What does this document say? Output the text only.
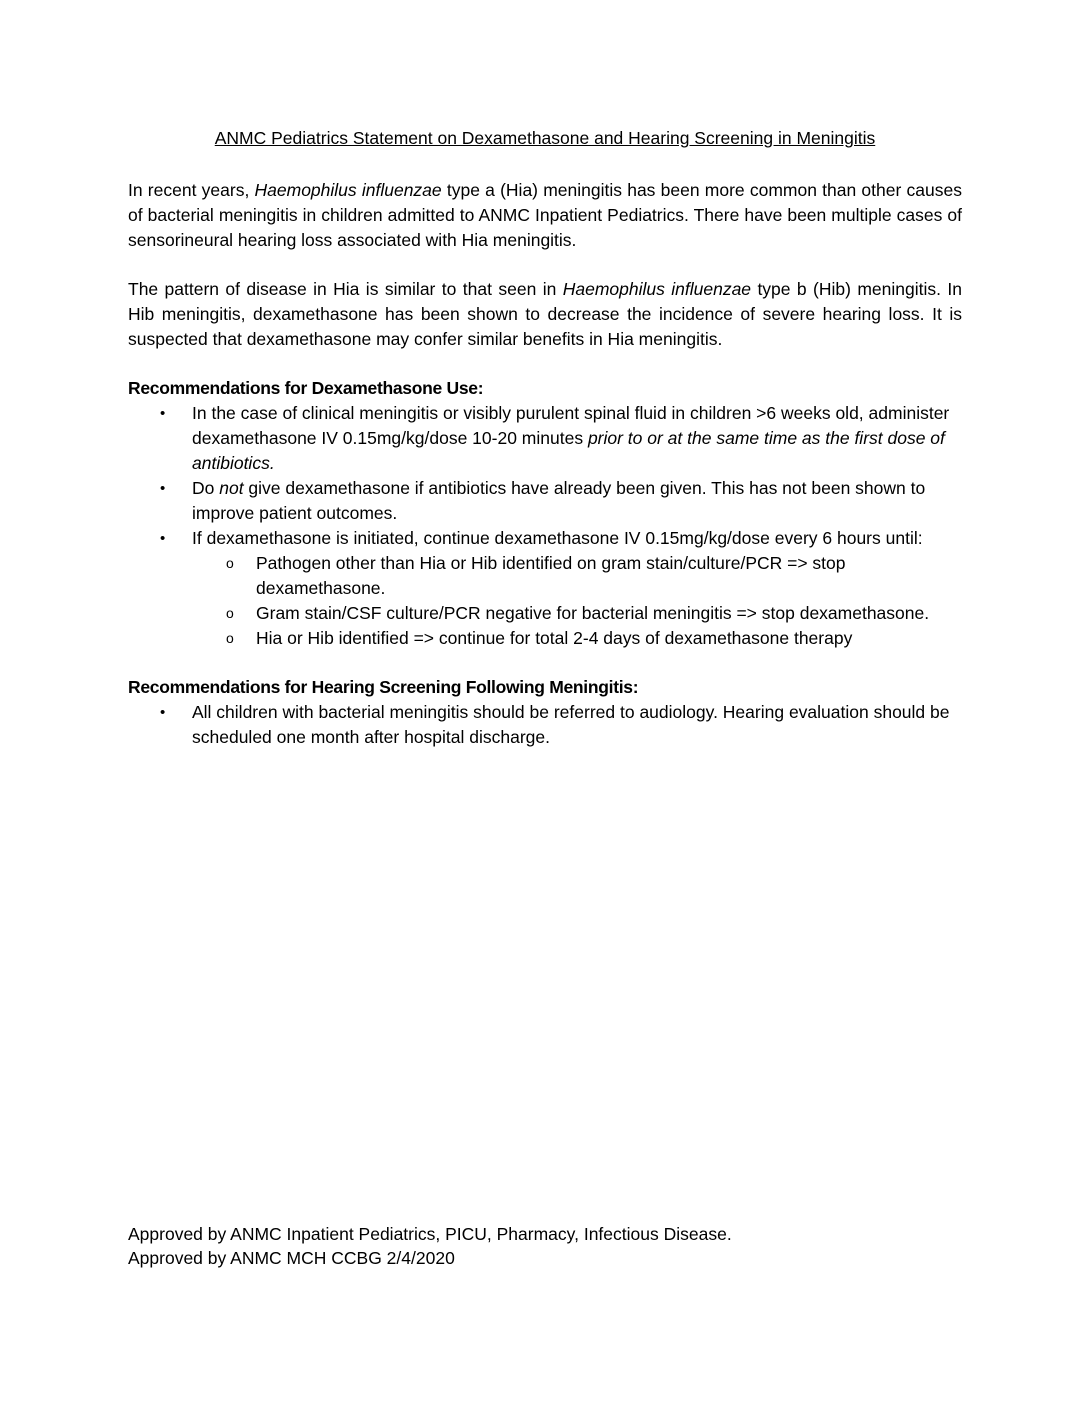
ANMC Pediatrics Statement on Dexamethasone and Hearing Screening in Meningitis

In recent years, Haemophilus influenzae type a (Hia) meningitis has been more common than other causes of bacterial meningitis in children admitted to ANMC Inpatient Pediatrics. There have been multiple cases of sensorineural hearing loss associated with Hia meningitis.

The pattern of disease in Hia is similar to that seen in Haemophilus influenzae type b (Hib) meningitis. In Hib meningitis, dexamethasone has been shown to decrease the incidence of severe hearing loss. It is suspected that dexamethasone may confer similar benefits in Hia meningitis.

Recommendations for Dexamethasone Use:
•	In the case of clinical meningitis or visibly purulent spinal fluid in children >6 weeks old, administer dexamethasone IV 0.15mg/kg/dose 10-20 minutes prior to or at the same time as the first dose of antibiotics.
•	Do not give dexamethasone if antibiotics have already been given. This has not been shown to improve patient outcomes.
•	If dexamethasone is initiated, continue dexamethasone IV 0.15mg/kg/dose every 6 hours until:
o Pathogen other than Hia or Hib identified on gram stain/culture/PCR => stop dexamethasone.
o Gram stain/CSF culture/PCR negative for bacterial meningitis => stop dexamethasone.
o Hia or Hib identified => continue for total 2-4 days of dexamethasone therapy
Recommendations for Hearing Screening Following Meningitis:
•	All children with bacterial meningitis should be referred to audiology. Hearing evaluation should be scheduled one month after hospital discharge.
Approved by ANMC Inpatient Pediatrics, PICU, Pharmacy, Infectious Disease.
Approved by ANMC MCH CCBG 2/4/2020
